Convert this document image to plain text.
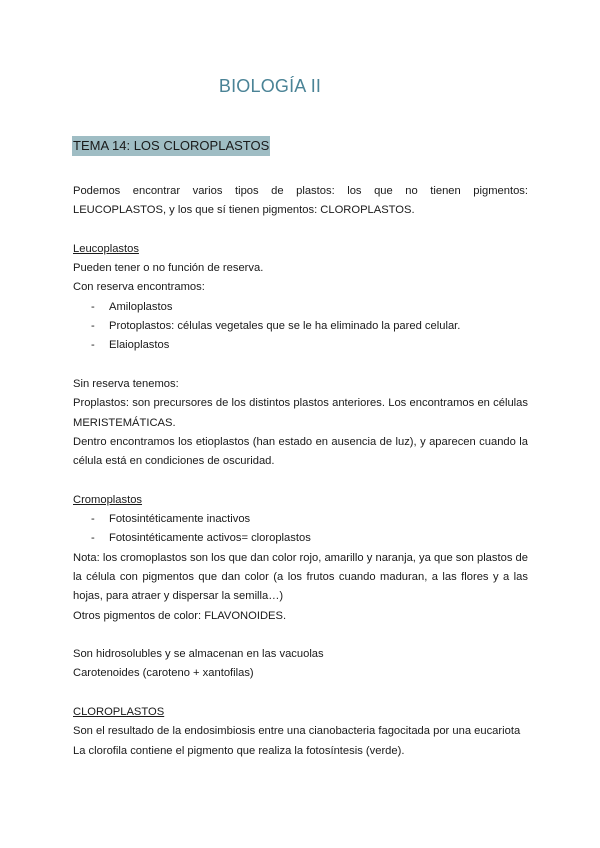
BIOLOGÍA II
TEMA 14: LOS CLOROPLASTOS

Podemos encontrar varios tipos de plastos: los que no tienen pigmentos: LEUCOPLASTOS, y los que sí tienen pigmentos: CLOROPLASTOS.

Leucoplastos

Pueden tener o no función de reserva.

Con reserva encontramos:

- Amiloplastos
- Protoplastos: células vegetales que se le ha eliminado la pared celular.
- Elaioplastos

Sin reserva tenemos:

Proplastos: son precursores de los distintos plastos anteriores. Los encontramos en células MERISTEMÁTICAS.

Dentro encontramos los etioplastos (han estado en ausencia de luz), y aparecen cuando la célula está en condiciones de oscuridad.

Cromoplastos

- Fotosintéticamente inactivos
- Fotosintéticamente activos= cloroplastos

Nota: los cromoplastos son los que dan color rojo, amarillo y naranja, ya que son plastos de la célula con pigmentos que dan color (a los frutos cuando maduran, a las flores y a las hojas, para atraer y dispersar la semilla…)

Otros pigmentos de color: FLAVONOIDES.

Son hidrosolubles y se almacenan en las vacuolas

Carotenoides (caroteno + xantofilas)

CLOROPLASTOS

Son el resultado de la endosimbiosis entre una cianobacteria fagocitada por una eucariota

La clorofila contiene el pigmento que realiza la fotosíntesis (verde).
